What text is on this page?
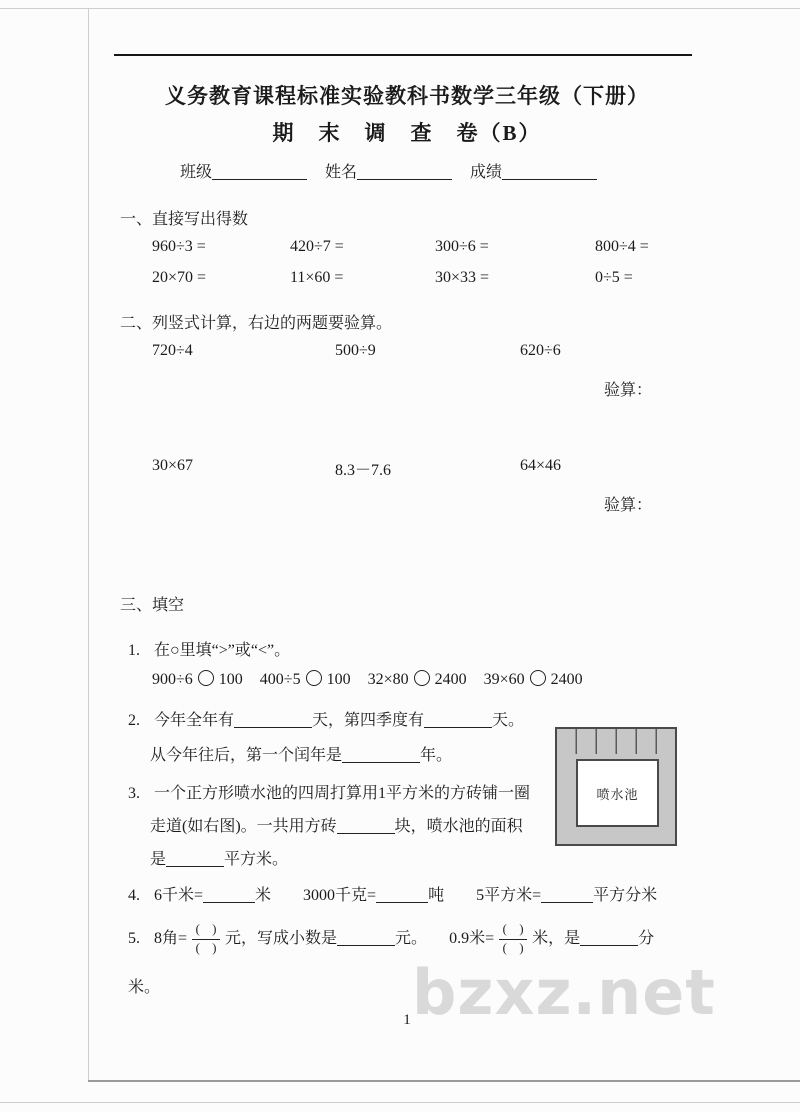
bzxz.net
义务教育课程标准实验教科书数学三年级（下册）
期　末　调　查　卷（B）
班级	姓名	成绩
一、直接写出得数
960÷3 =	420÷7 =	300÷6 =	800÷4 =
20×70 =	11×60 =	30×33 =	0÷5 =
二、列竖式计算，右边的两题要验算。
720÷4	500÷9	620÷6
验算：
30×67	8.3－7.6	64×46
验算：
三、填空
1. 在○里填“>”或“<”。
900÷6 100 400÷5 100 32×80 2400 39×60 2400
2. 今年全年有	天，第四季度有	天。
从今年往后，第一个闰年是	年。
3. 一个正方形喷水池的四周打算用1平方米的方砖铺一圈
走道(如右图)。一共用方砖	块，喷水池的面积
是	平方米。
喷水池
4. 6千米=	米 3000千克=	吨 5平方米=	平方分米
5. 8角= $\frac{( )}{( )}$ 元，写成小数是	元。 0.9米= $\frac{( )}{( )}$ 米，是	分
米。
1
